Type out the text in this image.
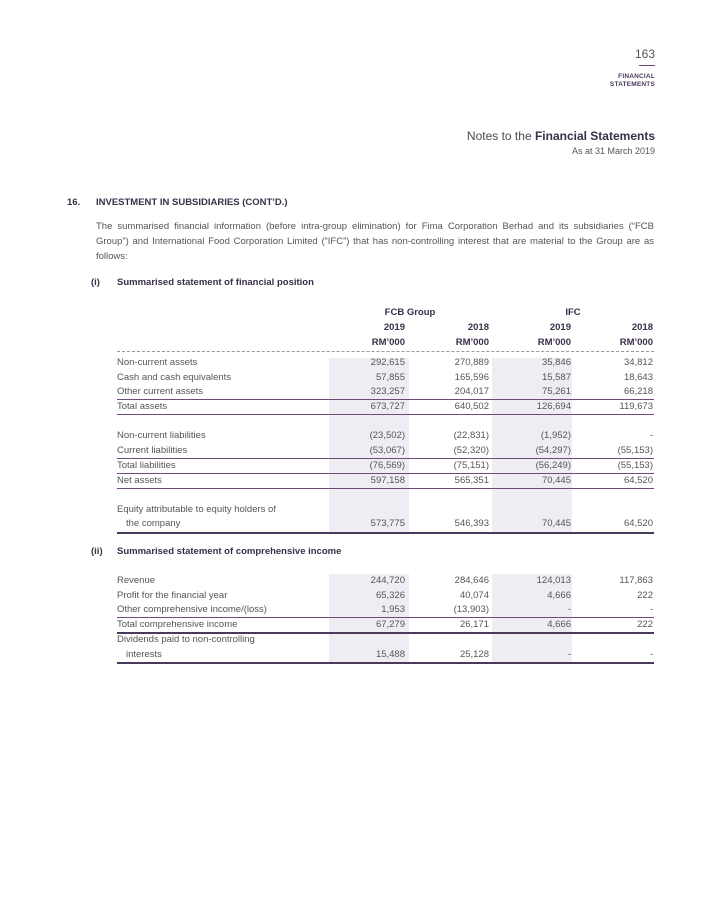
163
FINANCIAL
STATEMENTS
Notes to the Financial Statements
As at 31 March 2019
16. INVESTMENT IN SUBSIDIARIES (CONT’D.)
The summarised financial information (before intra-group elimination) for Fima Corporation Berhad and its subsidiaries (“FCB Group”) and International Food Corporation Limited (“IFC”) that has non-controlling interest that are material to the Group are as follows:
(i) Summarised statement of financial position
FCB Group	IFC
2019	2018	2019	2018
RM’000	RM’000	RM’000	RM’000
Non-current assets	292,615	270,889	35,846	34,812
Cash and cash equivalents	57,855	165,596	15,587	18,643
Other current assets	323,257	204,017	75,261	66,218
Total assets	673,727	640,502	126,694	119,673
Non-current liabilities	(23,502)	(22,831)	(1,952)	-
Current liabilities	(53,067)	(52,320)	(54,297)	(55,153)
Total liabilities	(76,569)	(75,151)	(56,249)	(55,153)
Net assets	597,158	565,351	70,445	64,520
Equity attributable to equity holders of
the company	573,775	546,393	70,445	64,520
(ii) Summarised statement of comprehensive income
Revenue	244,720	284,646	124,013	117,863
Profit for the financial year	65,326	40,074	4,666	222
Other comprehensive income/(loss)	1,953	(13,903)	-	-
Total comprehensive income	67,279	26,171	4,666	222
Dividends paid to non-controlling
interests	15,488	25,128	-	-
